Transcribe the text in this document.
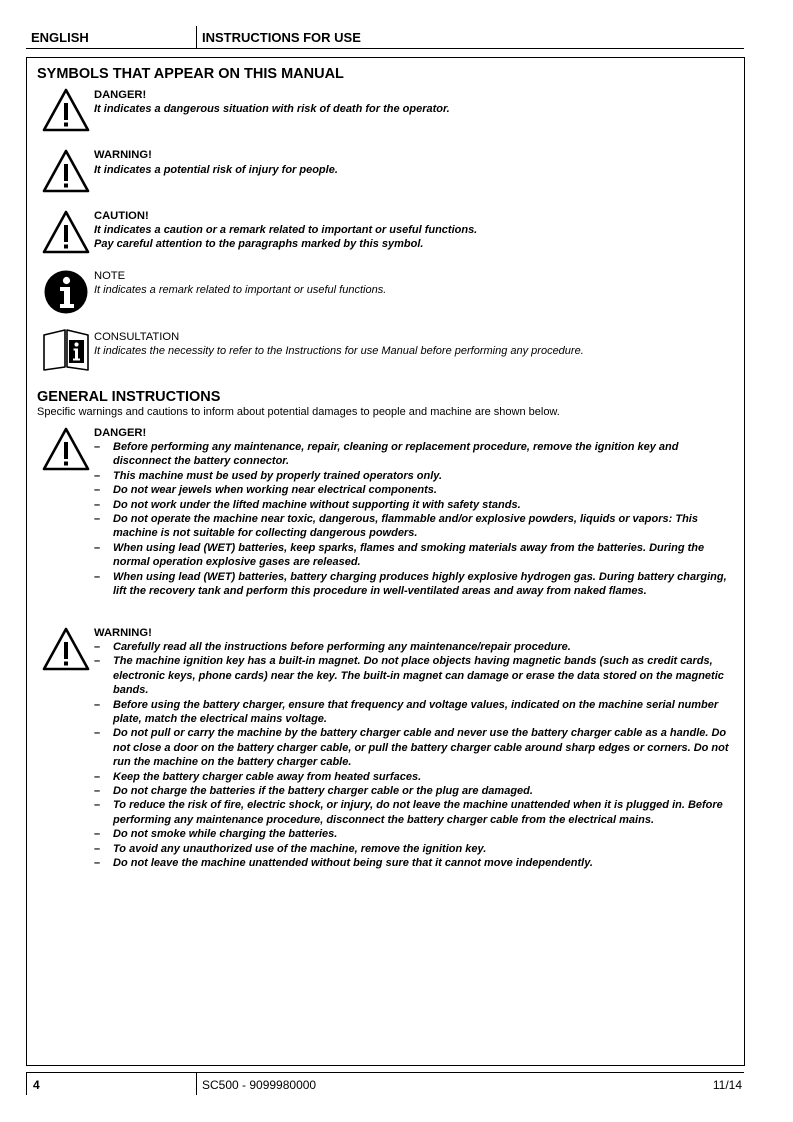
ENGLISH	INSTRUCTIONS FOR USE
SYMBOLS THAT APPEAR ON THIS MANUAL
DANGER!
It indicates a dangerous situation with risk of death for the operator.
WARNING!
It indicates a potential risk of injury for people.
CAUTION!
It indicates a caution or a remark related to important or useful functions.
Pay careful attention to the paragraphs marked by this symbol.
NOTE
It indicates a remark related to important or useful functions.
CONSULTATION
It indicates the necessity to refer to the Instructions for use Manual before performing any procedure.
GENERAL INSTRUCTIONS
Specific warnings and cautions to inform about potential damages to people and machine are shown below.
DANGER!
– Before performing any maintenance, repair, cleaning or replacement procedure, remove the ignition key and disconnect the battery connector.
– This machine must be used by properly trained operators only.
– Do not wear jewels when working near electrical components.
– Do not work under the lifted machine without supporting it with safety stands.
– Do not operate the machine near toxic, dangerous, flammable and/or explosive powders, liquids or vapors: This machine is not suitable for collecting dangerous powders.
– When using lead (WET) batteries, keep sparks, flames and smoking materials away from the batteries. During the normal operation explosive gases are released.
– When using lead (WET) batteries, battery charging produces highly explosive hydrogen gas. During battery charging, lift the recovery tank and perform this procedure in well-ventilated areas and away from naked flames.
WARNING!
– Carefully read all the instructions before performing any maintenance/repair procedure.
– The machine ignition key has a built-in magnet. Do not place objects having magnetic bands (such as credit cards, electronic keys, phone cards) near the key. The built-in magnet can damage or erase the data stored on the magnetic bands.
– Before using the battery charger, ensure that frequency and voltage values, indicated on the machine serial number plate, match the electrical mains voltage.
– Do not pull or carry the machine by the battery charger cable and never use the battery charger cable as a handle. Do not close a door on the battery charger cable, or pull the battery charger cable around sharp edges or corners. Do not run the machine on the battery charger cable.
– Keep the battery charger cable away from heated surfaces.
– Do not charge the batteries if the battery charger cable or the plug are damaged.
– To reduce the risk of fire, electric shock, or injury, do not leave the machine unattended when it is plugged in. Before performing any maintenance procedure, disconnect the battery charger cable from the electrical mains.
– Do not smoke while charging the batteries.
– To avoid any unauthorized use of the machine, remove the ignition key.
– Do not leave the machine unattended without being sure that it cannot move independently.
4	SC500 - 9099980000	11/14
